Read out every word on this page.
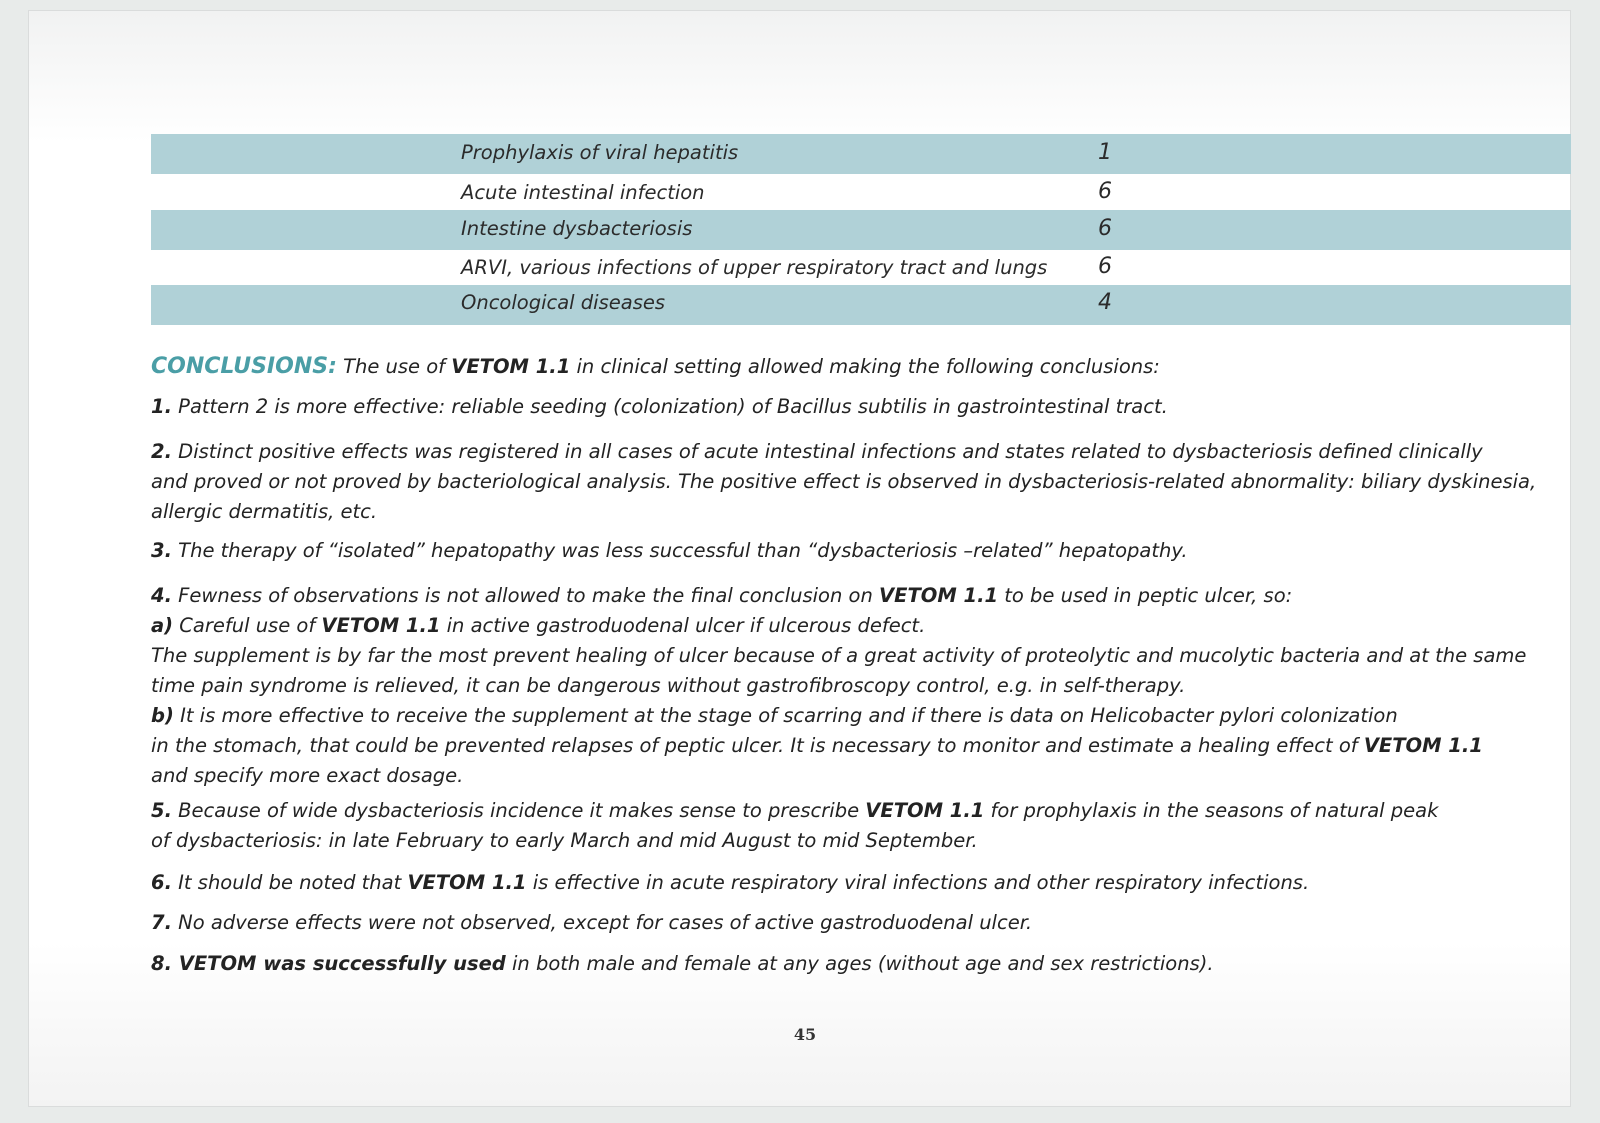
Prophylaxis of viral hepatitis	1
Acute intestinal infection	6
Intestine dysbacteriosis	6
ARVI, various infections of upper respiratory tract and lungs 6
Oncological diseases	4
CONCLUSIONS: The use of VETOM 1.1 in clinical setting allowed making the following conclusions:
1. Pattern 2 is more effective: reliable seeding (colonization) of Bacillus subtilis in gastrointestinal tract.
2. Distinct positive effects was registered in all cases of acute intestinal infections and states related to dysbacteriosis defined clinically
and proved or not proved by bacteriological analysis. The positive effect is observed in dysbacteriosis-related abnormality: biliary dyskinesia,
allergic dermatitis, etc.
3. The therapy of “isolated” hepatopathy was less successful than “dysbacteriosis –related” hepatopathy.
4. Fewness of observations is not allowed to make the final conclusion on VETOM 1.1 to be used in peptic ulcer, so:
a) Careful use of VETOM 1.1 in active gastroduodenal ulcer if ulcerous defect.
The supplement is by far the most prevent healing of ulcer because of a great activity of proteolytic and mucolytic bacteria and at the same
time pain syndrome is relieved, it can be dangerous without gastrofibroscopy control, e.g. in self-therapy.
b) It is more effective to receive the supplement at the stage of scarring and if there is data on Helicobacter pylori colonization
in the stomach, that could be prevented relapses of peptic ulcer. It is necessary to monitor and estimate a healing effect of VETOM 1.1
and specify more exact dosage.
5. Because of wide dysbacteriosis incidence it makes sense to prescribe VETOM 1.1 for prophylaxis in the seasons of natural peak
of dysbacteriosis: in late February to early March and mid August to mid September.
6. It should be noted that VETOM 1.1 is effective in acute respiratory viral infections and other respiratory infections.
7. No adverse effects were not observed, except for cases of active gastroduodenal ulcer.
8. VETOM was successfully used in both male and female at any ages (without age and sex restrictions).
45
